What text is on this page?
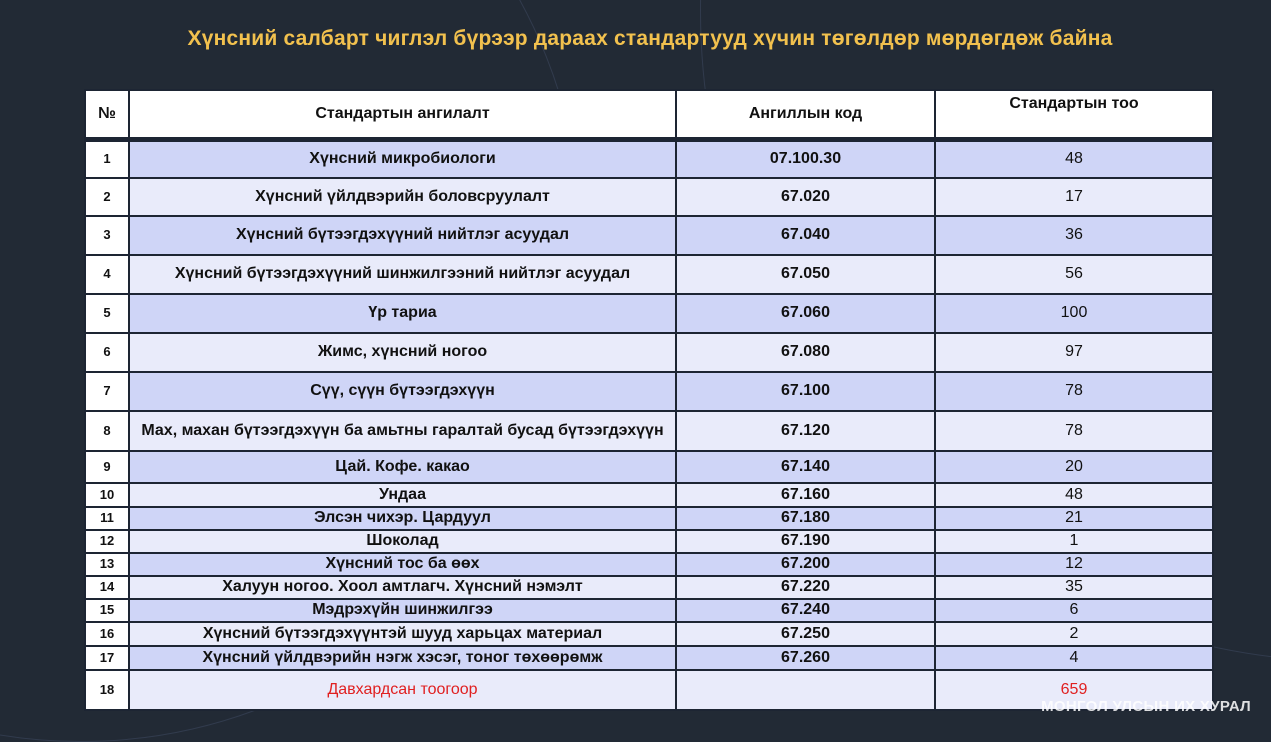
Хүнсний салбарт чиглэл бүрээр дараах стандартууд хүчин төгөлдөр мөрдөгдөж байна
№	Стандартын ангилалт	Ангиллын код	Стандартын тоо
1	Хүнсний микробиологи	07.100.30	48
2	Хүнсний үйлдвэрийн боловсруулалт	67.020	17
3	Хүнсний бүтээгдэхүүний нийтлэг асуудал	67.040	36
4	Хүнсний бүтээгдэхүүний шинжилгээний нийтлэг асуудал	67.050	56
5	Үр тариа	67.060	100
6	Жимс, хүнсний ногоо	67.080	97
7	Сүү, сүүн бүтээгдэхүүн	67.100	78
8	Мах, махан бүтээгдэхүүн ба амьтны гаралтай бусад бүтээгдэхүүн	67.120	78
9	Цай. Кофе. какао	67.140	20
10	Ундаа	67.160	48
11	Элсэн чихэр. Цардуул	67.180	21
12	Шоколад	67.190	1
13	Хүнсний тос ба өөх	67.200	12
14	Халуун ногоо. Хоол амтлагч. Хүнсний нэмэлт	67.220	35
15	Мэдрэхүйн шинжилгээ	67.240	6
16	Хүнсний бүтээгдэхүүнтэй шууд харьцах материал	67.250	2
17	Хүнсний үйлдвэрийн нэгж хэсэг, тоног төхөөрөмж	67.260	4
18	Давхардсан тоогоор		659
МОНГОЛ УЛСЫН ИХ ХУРАЛ
